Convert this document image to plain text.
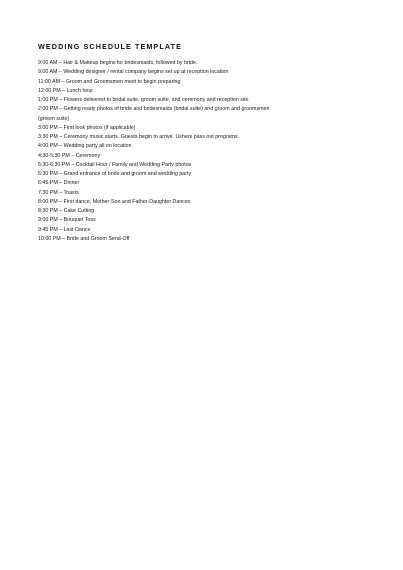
WEDDING SCHEDULE TEMPLATE
9:00 AM – Hair & Makeup begins for bridesmaids, followed by bride.
9:00 AM – Wedding designer / rental company begins set up at reception location
11:00 AM – Groom and Groomsmen meet to begin preparing
12:00 PM – Lunch hour
1:00 PM – Flowers delivered to bridal suite, groom suite, and ceremony and reception site
2:00 PM – Getting ready photos of bride and bridesmaids (bridal suite) and groom and groomsmen
(groom suite)
3:00 PM – First look photos (if applicable)
3:30 PM – Ceremony music starts. Guests begin to arrive. Ushers pass out programs.
4:00 PM – Wedding party all on location
4:30-5:30 PM – Ceremony
5:30-6:30 PM – Cocktail Hour / Family and Wedding Party photos
6:30 PM – Grand entrance of bride and groom and wedding party
6:45 PM – Dinner
7:30 PM – Toasts
8:00 PM – First dance, Mother-Son and Father-Daughter Dances
8:30 PM – Cake Cutting
9:00 PM – Bouquet Toss
9:45 PM – Last Dance
10:00 PM – Bride and Groom Send-Off
